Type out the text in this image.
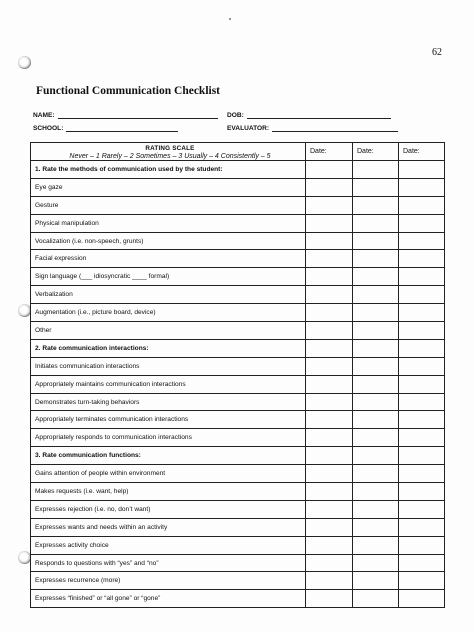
62
Functional Communication Checklist
NAME:	DOB:
SCHOOL:	EVALUATOR:
RATING SCALE
Never – 1 Rarely – 2 Sometimes – 3 Usually – 4 Consistently – 5	Date:	Date:	Date:
1. Rate the methods of communication used by the student:			
Eye gaze			
Gesture			
Physical manipulation			
Vocalization (i.e. non-speech, grunts)			
Facial expression			
Sign language (___ idiosyncratic ____ formal)			
Verbalization			
Augmentation (i.e., picture board, device)			
Other			
2. Rate communication interactions:			
Initiates communication interactions			
Appropriately maintains communication interactions			
Demonstrates turn-taking behaviors			
Appropriately terminates communication interactions			
Appropriately responds to communication interactions			
3. Rate communication functions:			
Gains attention of people within environment			
Makes requests (i.e. want, help)			
Expresses rejection (i.e. no, don’t want)			
Expresses wants and needs within an activity			
Expresses activity choice			
Responds to questions with “yes” and “no”			
Expresses recurrence (more)			
Expresses “finished” or “all gone” or “gone”			
